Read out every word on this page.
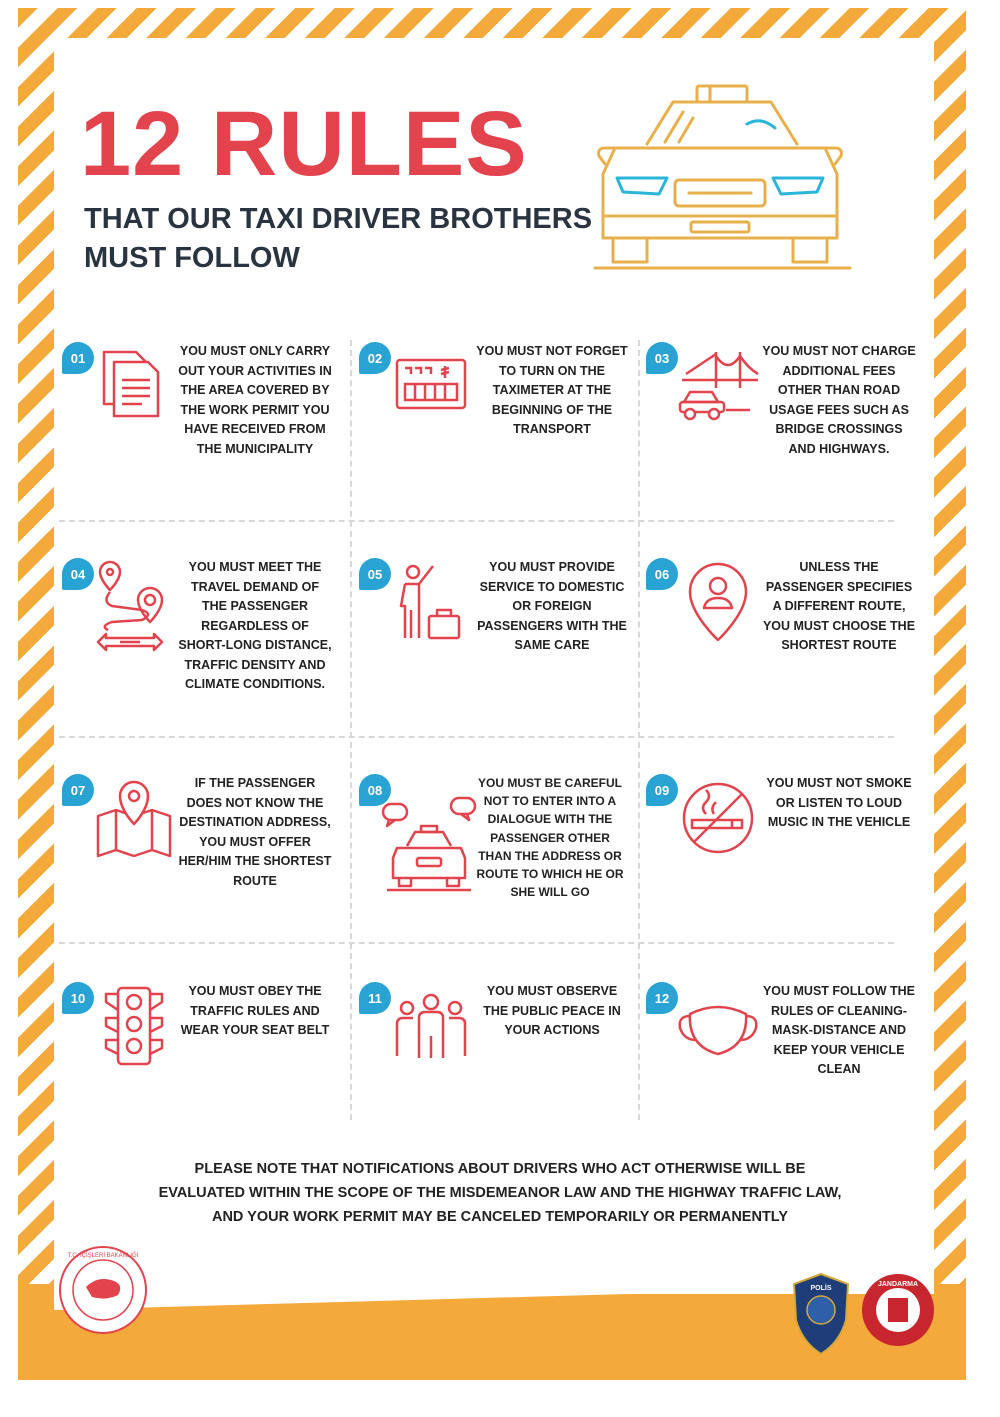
12 RULES

THAT OUR TAXI DRIVER BROTHERS
MUST FOLLOW

01	YOU MUST ONLY CARRY OUT YOUR ACTIVITIES IN THE AREA COVERED BY THE WORK PERMIT YOU HAVE RECEIVED FROM THE MUNICIPALITY
02	YOU MUST NOT FORGET TO TURN ON THE TAXIMETER AT THE BEGINNING OF THE TRANSPORT
03	YOU MUST NOT CHARGE ADDITIONAL FEES OTHER THAN ROAD USAGE FEES SUCH AS BRIDGE CROSSINGS AND HIGHWAYS.
04	YOU MUST MEET THE TRAVEL DEMAND OF THE PASSENGER REGARDLESS OF SHORT-LONG DISTANCE, TRAFFIC DENSITY AND CLIMATE CONDITIONS.
05	YOU MUST PROVIDE SERVICE TO DOMESTIC OR FOREIGN PASSENGERS WITH THE SAME CARE
06	UNLESS THE PASSENGER SPECIFIES A DIFFERENT ROUTE, YOU MUST CHOOSE THE SHORTEST ROUTE
07	IF THE PASSENGER DOES NOT KNOW THE DESTINATION ADDRESS, YOU MUST OFFER HER/HIM THE SHORTEST ROUTE
08	YOU MUST BE CAREFUL NOT TO ENTER INTO A DIALOGUE WITH THE PASSENGER OTHER THAN THE ADDRESS OR ROUTE TO WHICH HE OR SHE WILL GO
09	YOU MUST NOT SMOKE OR LISTEN TO LOUD MUSIC IN THE VEHICLE
10	YOU MUST OBEY THE TRAFFIC RULES AND WEAR YOUR SEAT BELT
11	YOU MUST OBSERVE THE PUBLIC PEACE IN YOUR ACTIONS
12	YOU MUST FOLLOW THE RULES OF CLEANING-MASK-DISTANCE AND KEEP YOUR VEHICLE CLEAN

PLEASE NOTE THAT NOTIFICATIONS ABOUT DRIVERS WHO ACT OTHERWISE WILL BE EVALUATED WITHIN THE SCOPE OF THE MISDEMEANOR LAW AND THE HIGHWAY TRAFFIC LAW, AND YOUR WORK PERMIT MAY BE CANCELED TEMPORARILY OR PERMANENTLY

T.C. İÇİŞLERİ BAKANLIĞI
POLİS
JANDARMA
